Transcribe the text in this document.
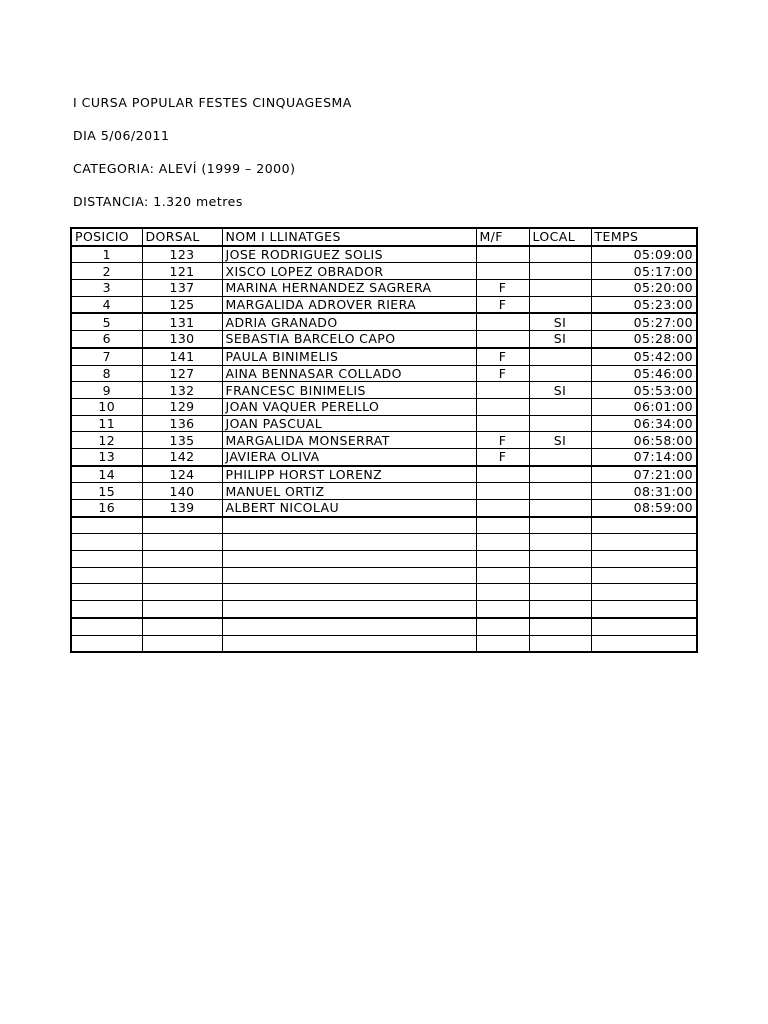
I CURSA POPULAR FESTES CINQUAGESMA
DIA 5/06/2011
CATEGORIA: ALEVÍ (1999 – 2000)
DISTANCIA: 1.320 metres
POSICIO	DORSAL	NOM I LLINATGES	M/F	LOCAL	TEMPS
1	123	JOSE RODRIGUEZ SOLIS			05:09:00
2	121	XISCO LOPEZ OBRADOR			05:17:00
3	137	MARINA HERNANDEZ SAGRERA	F		05:20:00
4	125	MARGALIDA ADROVER RIERA	F		05:23:00
5	131	ADRIA GRANADO		SI	05:27:00
6	130	SEBASTIA BARCELO CAPO		SI	05:28:00
7	141	PAULA BINIMELIS	F		05:42:00
8	127	AINA BENNASAR COLLADO	F		05:46:00
9	132	FRANCESC BINIMELIS		SI	05:53:00
10	129	JOAN VAQUER PERELLO			06:01:00
11	136	JOAN PASCUAL			06:34:00
12	135	MARGALIDA MONSERRAT	F	SI	06:58:00
13	142	JAVIERA OLIVA	F		07:14:00
14	124	PHILIPP HORST LORENZ			07:21:00
15	140	MANUEL ORTIZ			08:31:00
16	139	ALBERT NICOLAU			08:59:00
